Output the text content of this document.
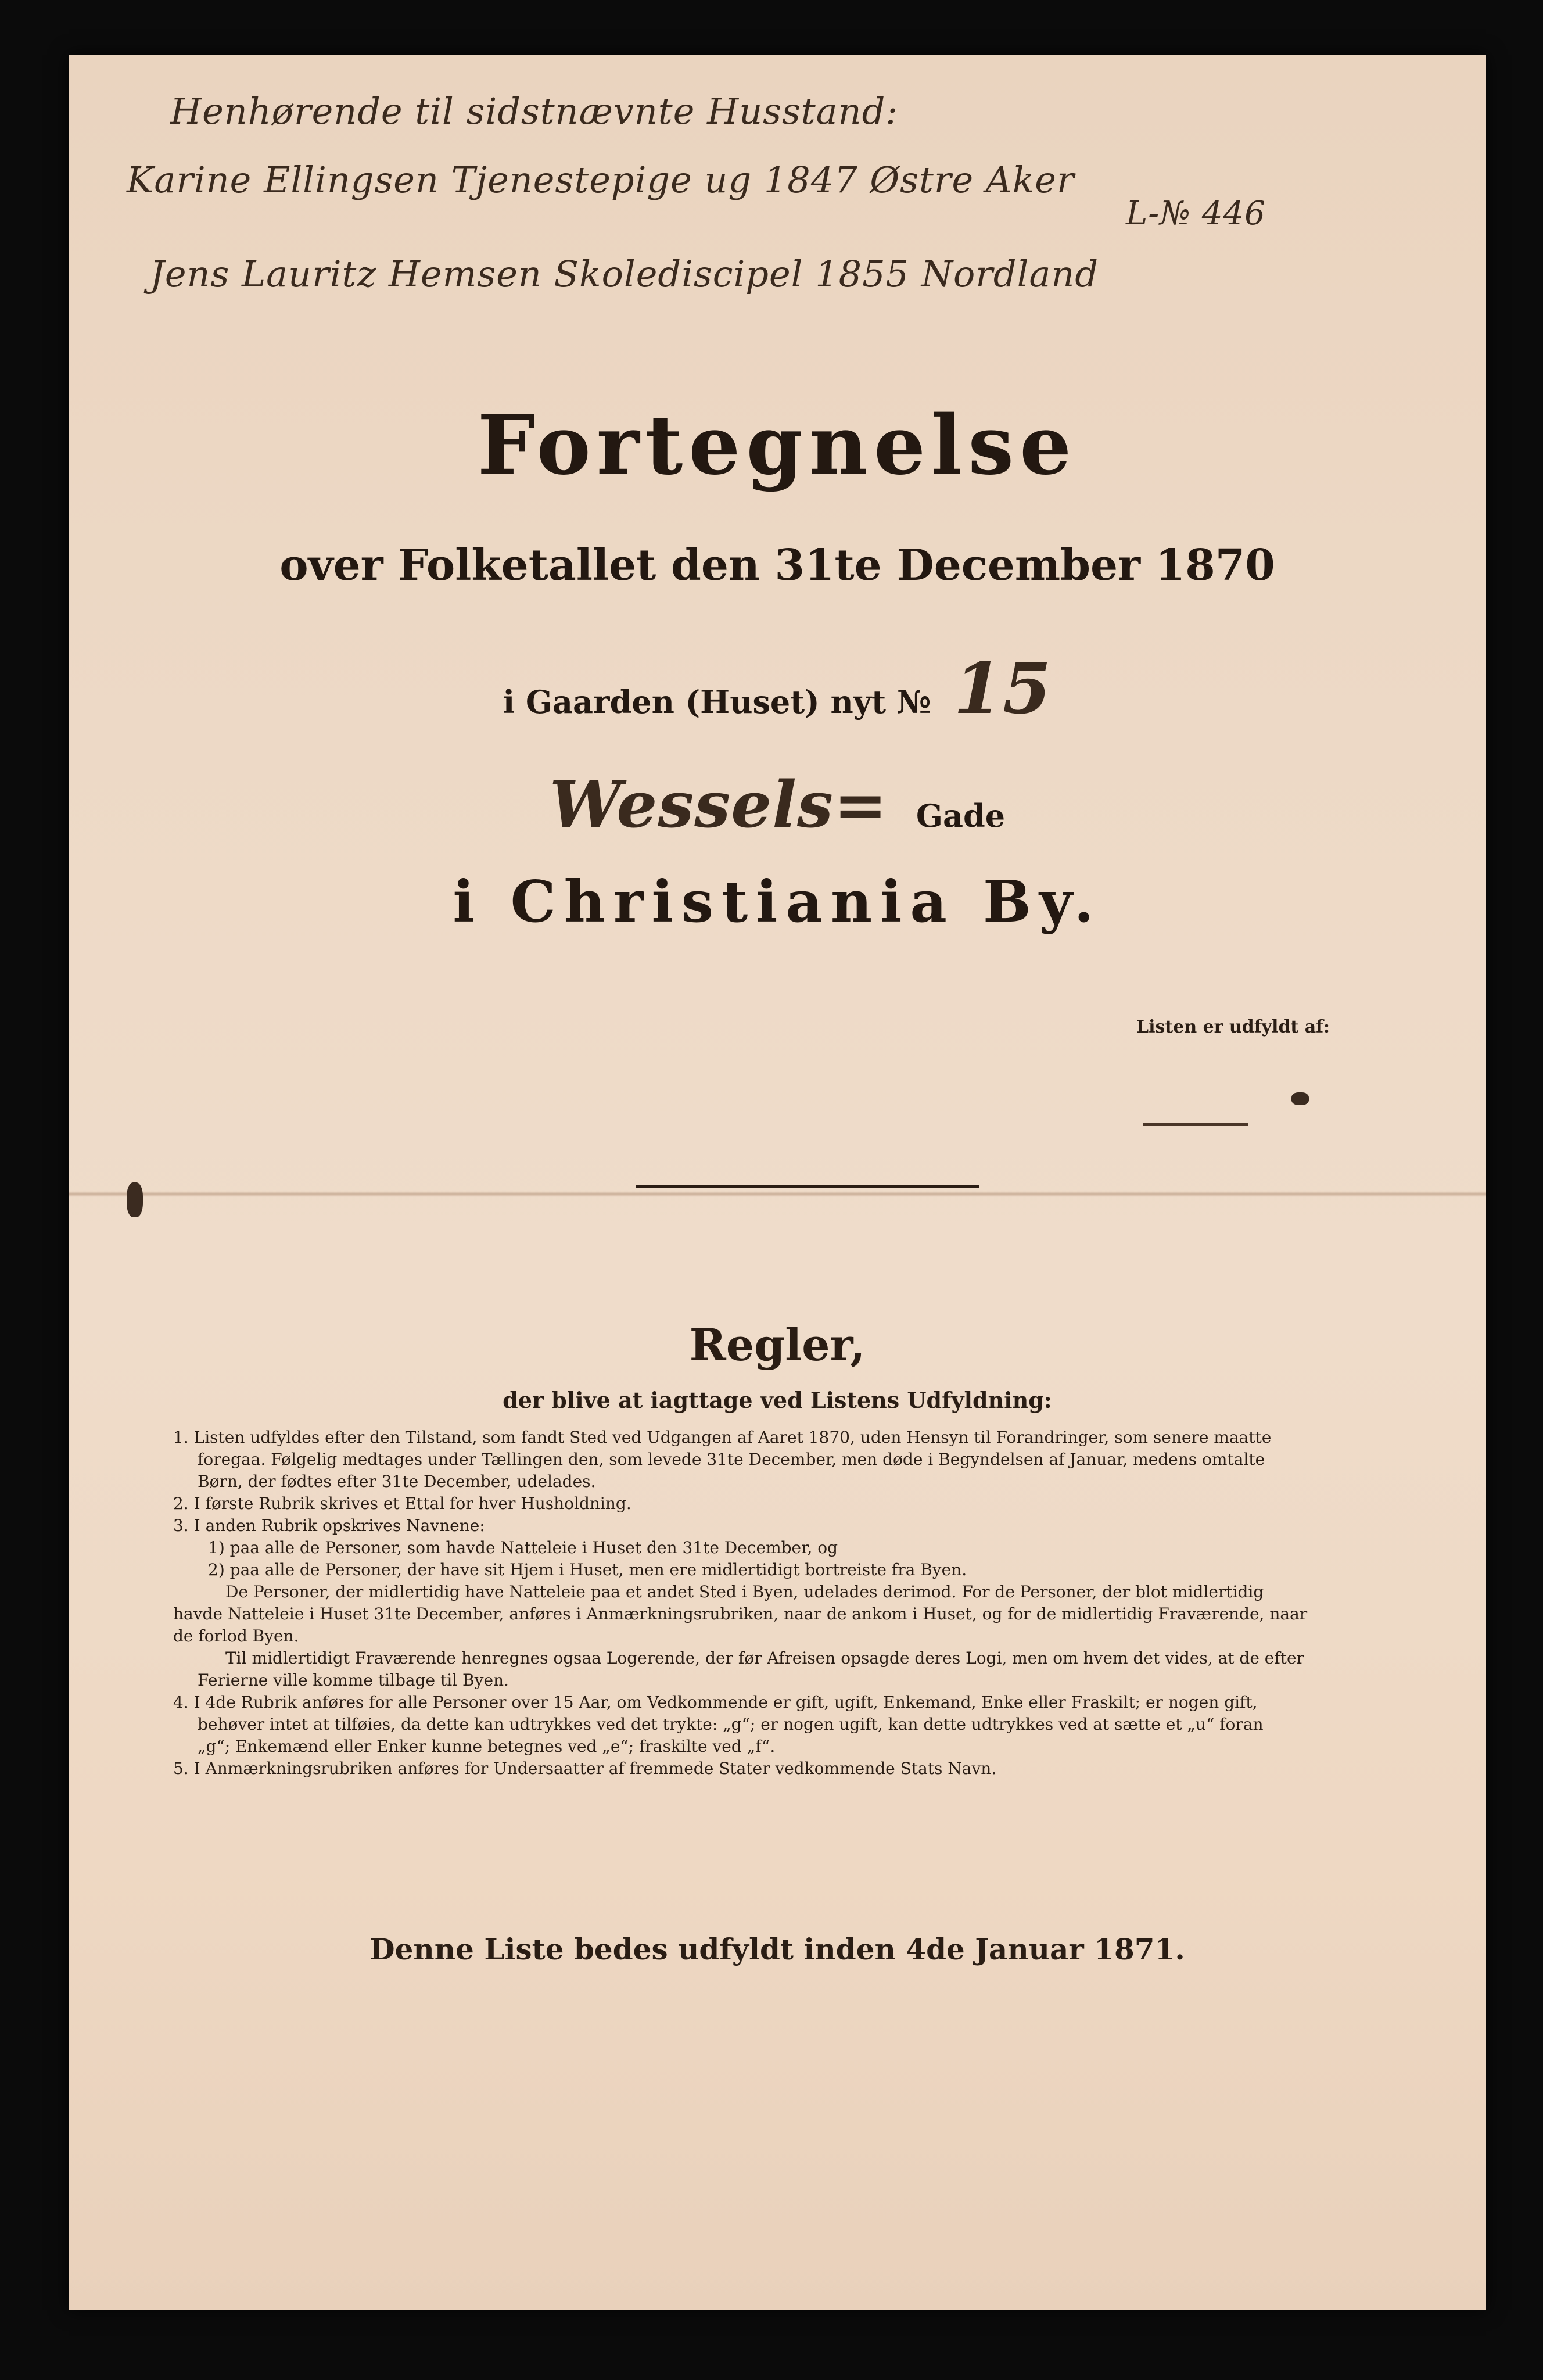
Henhørende til sidstnævnte Husstand:
Karine Ellingsen Tjenestepige ug 1847 Østre Aker
L-№ 446
Jens Lauritz Hemsen Skolediscipel 1855 Nordland
Fortegnelse
over Folketallet den 31te December 1870
i Gaarden (Huset) nyt № 15
Wessels= Gade
i Christiania By.
Listen er udfyldt af:
Regler,
der blive at iagttage ved Listens Udfyldning:
1. Listen udfyldes efter den Tilstand, som fandt Sted ved Udgangen af Aaret 1870, uden Hensyn til Forandringer, som senere maatte
foregaa. Følgelig medtages under Tællingen den, som levede 31te December, men døde i Begyndelsen af Januar, medens omtalte
Børn, der fødtes efter 31te December, udelades.
2. I første Rubrik skrives et Ettal for hver Husholdning.
3. I anden Rubrik opskrives Navnene:
1) paa alle de Personer, som havde Natteleie i Huset den 31te December, og
2) paa alle de Personer, der have sit Hjem i Huset, men ere midlertidigt bortreiste fra Byen.
De Personer, der midlertidig have Natteleie paa et andet Sted i Byen, udelades derimod. For de Personer, der blot midlertidig
havde Natteleie i Huset 31te December, anføres i Anmærkningsrubriken, naar de ankom i Huset, og for de midlertidig Fraværende, naar
de forlod Byen.
Til midlertidigt Fraværende henregnes ogsaa Logerende, der før Afreisen opsagde deres Logi, men om hvem det vides, at de efter
Ferierne ville komme tilbage til Byen.
4. I 4de Rubrik anføres for alle Personer over 15 Aar, om Vedkommende er gift, ugift, Enkemand, Enke eller Fraskilt; er nogen gift,
behøver intet at tilføies, da dette kan udtrykkes ved det trykte: „g“; er nogen ugift, kan dette udtrykkes ved at sætte et „u“ foran
„g“; Enkemænd eller Enker kunne betegnes ved „e“; fraskilte ved „f“.
5. I Anmærkningsrubriken anføres for Undersaatter af fremmede Stater vedkommende Stats Navn.
Denne Liste bedes udfyldt inden 4de Januar 1871.
